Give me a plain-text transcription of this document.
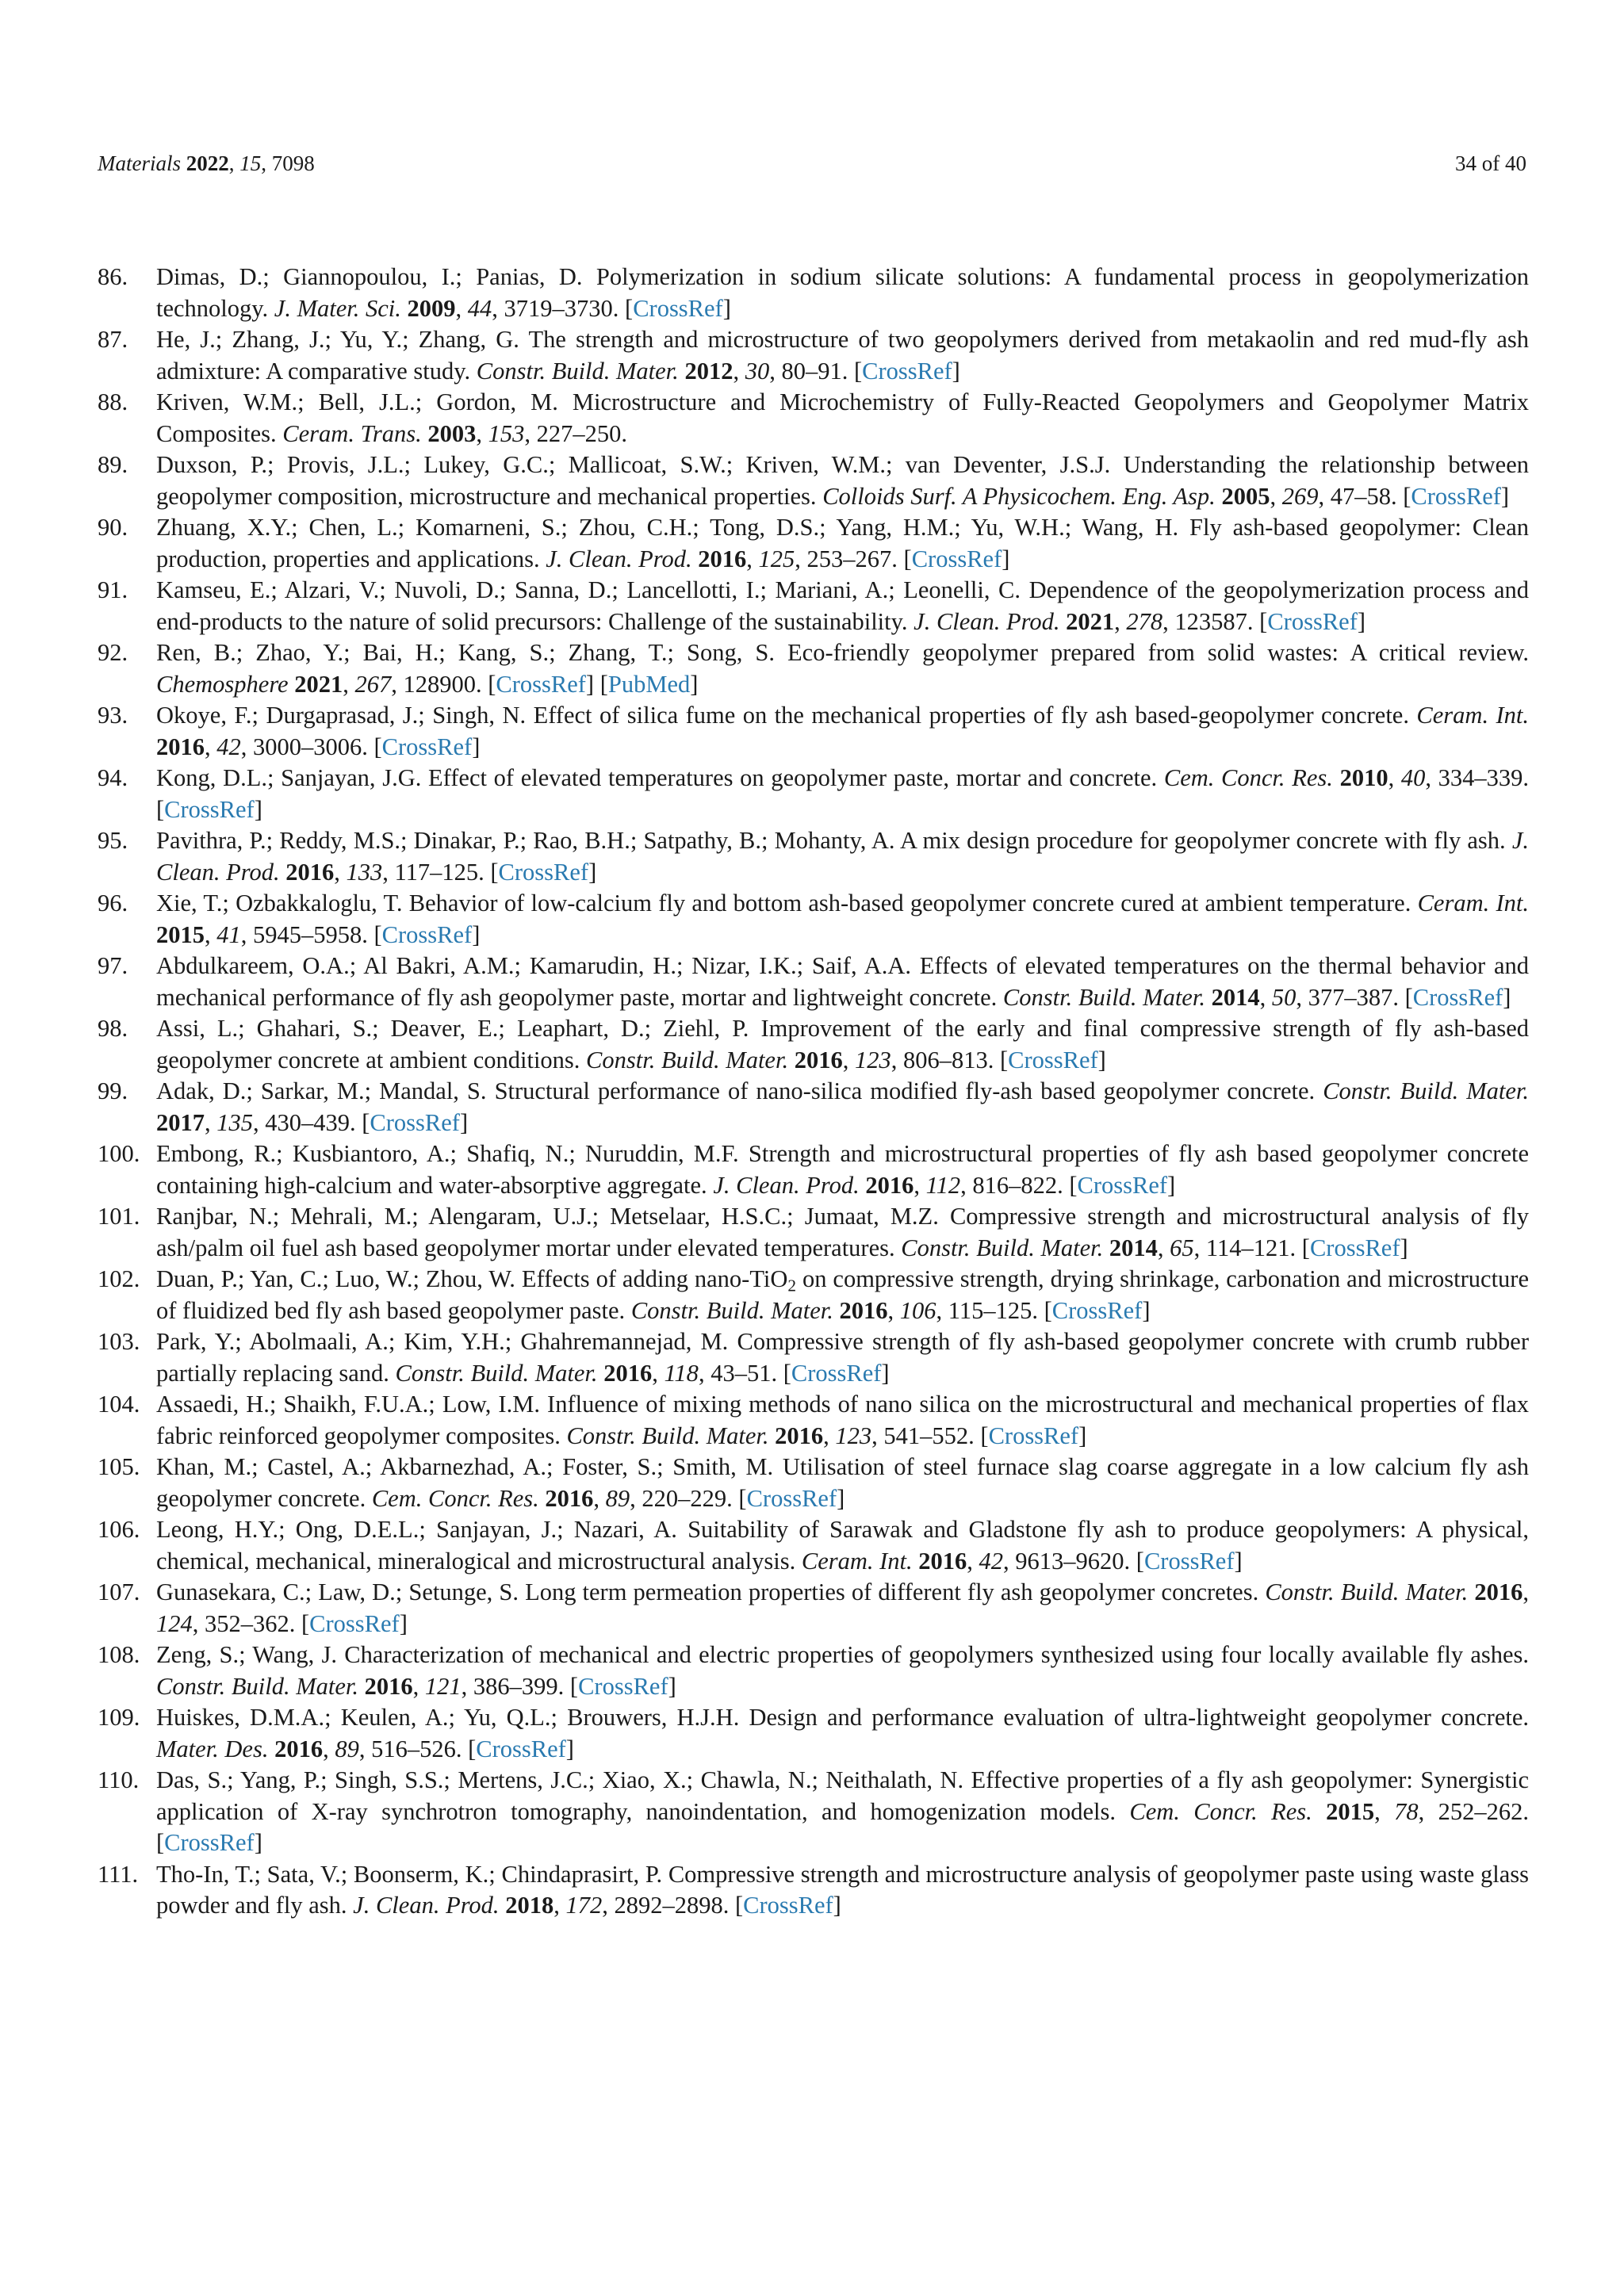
Materials 2022, 15, 7098	34 of 40
86. Dimas, D.; Giannopoulou, I.; Panias, D. Polymerization in sodium silicate solutions: A fundamental process in geopolymerization technology. J. Mater. Sci. 2009, 44, 3719–3730. [CrossRef]
87. He, J.; Zhang, J.; Yu, Y.; Zhang, G. The strength and microstructure of two geopolymers derived from metakaolin and red mud-fly ash admixture: A comparative study. Constr. Build. Mater. 2012, 30, 80–91. [CrossRef]
88. Kriven, W.M.; Bell, J.L.; Gordon, M. Microstructure and Microchemistry of Fully-Reacted Geopolymers and Geopolymer Matrix Composites. Ceram. Trans. 2003, 153, 227–250.
89. Duxson, P.; Provis, J.L.; Lukey, G.C.; Mallicoat, S.W.; Kriven, W.M.; van Deventer, J.S.J. Understanding the relationship between geopolymer composition, microstructure and mechanical properties. Colloids Surf. A Physicochem. Eng. Asp. 2005, 269, 47–58. [CrossRef]
90. Zhuang, X.Y.; Chen, L.; Komarneni, S.; Zhou, C.H.; Tong, D.S.; Yang, H.M.; Yu, W.H.; Wang, H. Fly ash-based geopolymer: Clean production, properties and applications. J. Clean. Prod. 2016, 125, 253–267. [CrossRef]
91. Kamseu, E.; Alzari, V.; Nuvoli, D.; Sanna, D.; Lancellotti, I.; Mariani, A.; Leonelli, C. Dependence of the geopolymerization process and end-products to the nature of solid precursors: Challenge of the sustainability. J. Clean. Prod. 2021, 278, 123587. [CrossRef]
92. Ren, B.; Zhao, Y.; Bai, H.; Kang, S.; Zhang, T.; Song, S. Eco-friendly geopolymer prepared from solid wastes: A critical review. Chemosphere 2021, 267, 128900. [CrossRef] [PubMed]
93. Okoye, F.; Durgaprasad, J.; Singh, N. Effect of silica fume on the mechanical properties of fly ash based-geopolymer concrete. Ceram. Int. 2016, 42, 3000–3006. [CrossRef]
94. Kong, D.L.; Sanjayan, J.G. Effect of elevated temperatures on geopolymer paste, mortar and concrete. Cem. Concr. Res. 2010, 40, 334–339. [CrossRef]
95. Pavithra, P.; Reddy, M.S.; Dinakar, P.; Rao, B.H.; Satpathy, B.; Mohanty, A. A mix design procedure for geopolymer concrete with fly ash. J. Clean. Prod. 2016, 133, 117–125. [CrossRef]
96. Xie, T.; Ozbakkaloglu, T. Behavior of low-calcium fly and bottom ash-based geopolymer concrete cured at ambient temperature. Ceram. Int. 2015, 41, 5945–5958. [CrossRef]
97. Abdulkareem, O.A.; Al Bakri, A.M.; Kamarudin, H.; Nizar, I.K.; Saif, A.A. Effects of elevated temperatures on the thermal behavior and mechanical performance of fly ash geopolymer paste, mortar and lightweight concrete. Constr. Build. Mater. 2014, 50, 377–387. [CrossRef]
98. Assi, L.; Ghahari, S.; Deaver, E.; Leaphart, D.; Ziehl, P. Improvement of the early and final compressive strength of fly ash-based geopolymer concrete at ambient conditions. Constr. Build. Mater. 2016, 123, 806–813. [CrossRef]
99. Adak, D.; Sarkar, M.; Mandal, S. Structural performance of nano-silica modified fly-ash based geopolymer concrete. Constr. Build. Mater. 2017, 135, 430–439. [CrossRef]
100. Embong, R.; Kusbiantoro, A.; Shafiq, N.; Nuruddin, M.F. Strength and microstructural properties of fly ash based geopolymer concrete containing high-calcium and water-absorptive aggregate. J. Clean. Prod. 2016, 112, 816–822. [CrossRef]
101. Ranjbar, N.; Mehrali, M.; Alengaram, U.J.; Metselaar, H.S.C.; Jumaat, M.Z. Compressive strength and microstructural analysis of fly ash/palm oil fuel ash based geopolymer mortar under elevated temperatures. Constr. Build. Mater. 2014, 65, 114–121. [CrossRef]
102. Duan, P.; Yan, C.; Luo, W.; Zhou, W. Effects of adding nano-TiO$_2$ on compressive strength, drying shrinkage, carbonation and microstructure of fluidized bed fly ash based geopolymer paste. Constr. Build. Mater. 2016, 106, 115–125. [CrossRef]
103. Park, Y.; Abolmaali, A.; Kim, Y.H.; Ghahremannejad, M. Compressive strength of fly ash-based geopolymer concrete with crumb rubber partially replacing sand. Constr. Build. Mater. 2016, 118, 43–51. [CrossRef]
104. Assaedi, H.; Shaikh, F.U.A.; Low, I.M. Influence of mixing methods of nano silica on the microstructural and mechanical properties of flax fabric reinforced geopolymer composites. Constr. Build. Mater. 2016, 123, 541–552. [CrossRef]
105. Khan, M.; Castel, A.; Akbarnezhad, A.; Foster, S.; Smith, M. Utilisation of steel furnace slag coarse aggregate in a low calcium fly ash geopolymer concrete. Cem. Concr. Res. 2016, 89, 220–229. [CrossRef]
106. Leong, H.Y.; Ong, D.E.L.; Sanjayan, J.; Nazari, A. Suitability of Sarawak and Gladstone fly ash to produce geopolymers: A physical, chemical, mechanical, mineralogical and microstructural analysis. Ceram. Int. 2016, 42, 9613–9620. [CrossRef]
107. Gunasekara, C.; Law, D.; Setunge, S. Long term permeation properties of different fly ash geopolymer concretes. Constr. Build. Mater. 2016, 124, 352–362. [CrossRef]
108. Zeng, S.; Wang, J. Characterization of mechanical and electric properties of geopolymers synthesized using four locally available fly ashes. Constr. Build. Mater. 2016, 121, 386–399. [CrossRef]
109. Huiskes, D.M.A.; Keulen, A.; Yu, Q.L.; Brouwers, H.J.H. Design and performance evaluation of ultra-lightweight geopolymer concrete. Mater. Des. 2016, 89, 516–526. [CrossRef]
110. Das, S.; Yang, P.; Singh, S.S.; Mertens, J.C.; Xiao, X.; Chawla, N.; Neithalath, N. Effective properties of a fly ash geopolymer: Synergistic application of X-ray synchrotron tomography, nanoindentation, and homogenization models. Cem. Concr. Res. 2015, 78, 252–262. [CrossRef]
111. Tho-In, T.; Sata, V.; Boonserm, K.; Chindaprasirt, P. Compressive strength and microstructure analysis of geopolymer paste using waste glass powder and fly ash. J. Clean. Prod. 2018, 172, 2892–2898. [CrossRef]
